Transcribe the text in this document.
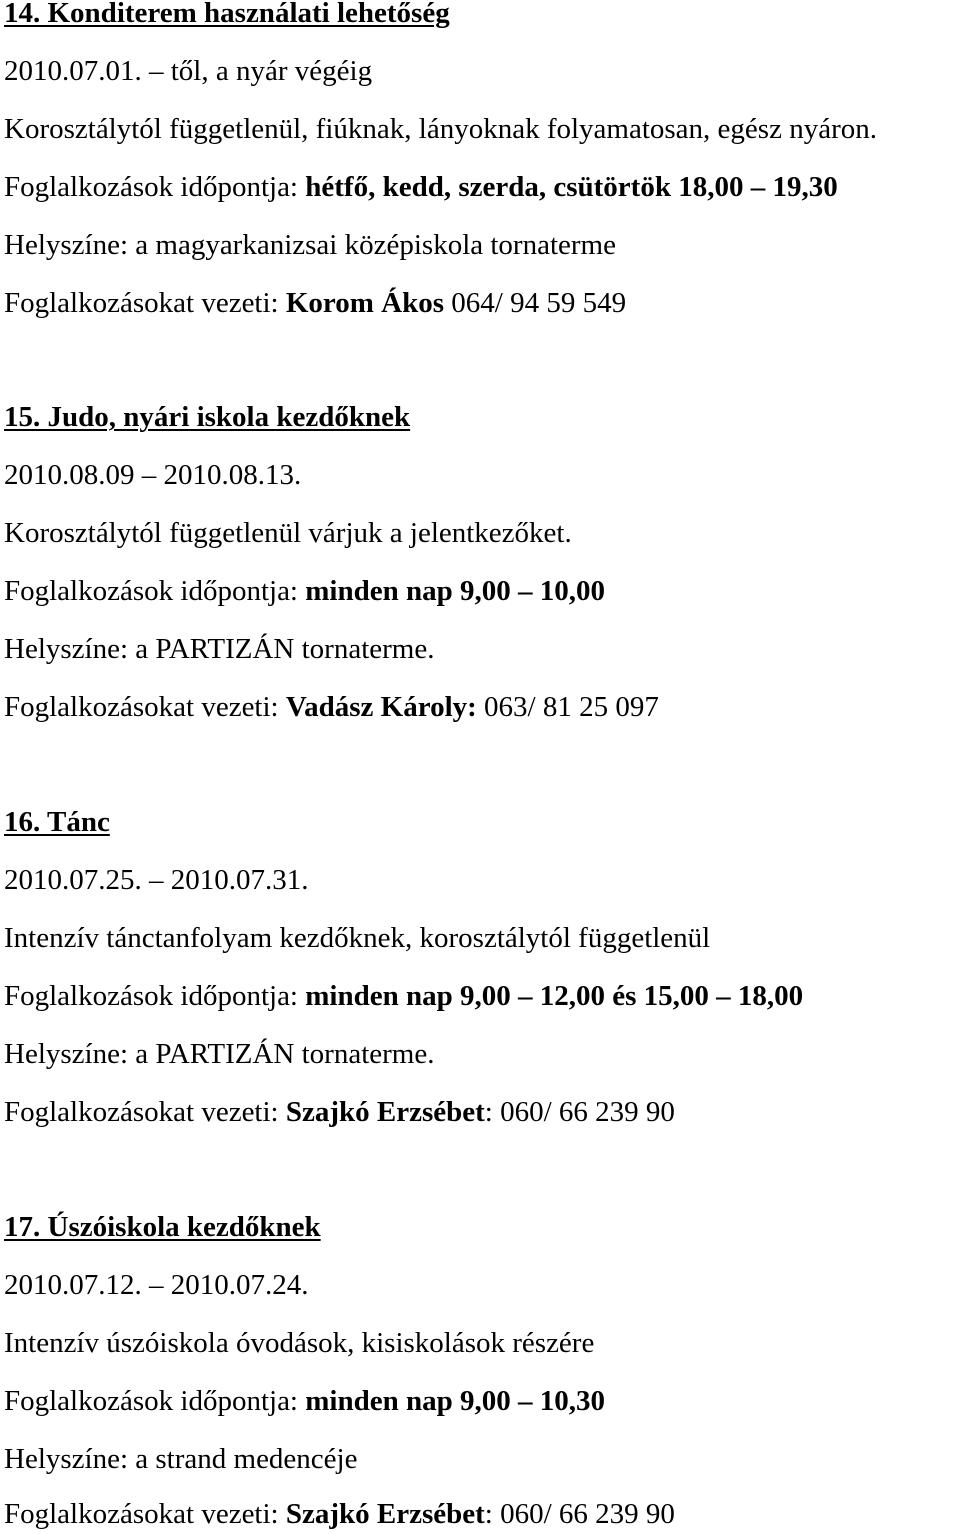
14. Konditerem használati lehetőség
2010.07.01. – től, a nyár végéig
Korosztálytól függetlenül, fiúknak, lányoknak folyamatosan, egész nyáron.
Foglalkozások időpontja: hétfő, kedd, szerda, csütörtök 18,00 – 19,30
Helyszíne: a magyarkanizsai középiskola tornaterme
Foglalkozásokat vezeti: Korom Ákos 064/ 94 59 549
15. Judo, nyári iskola kezdőknek
2010.08.09 – 2010.08.13.
Korosztálytól függetlenül várjuk a jelentkezőket.
Foglalkozások időpontja: minden nap 9,00 – 10,00
Helyszíne: a PARTIZÁN tornaterme.
Foglalkozásokat vezeti: Vadász Károly: 063/ 81 25 097
16. Tánc
2010.07.25. – 2010.07.31.
Intenzív tánctanfolyam kezdőknek, korosztálytól függetlenül
Foglalkozások időpontja: minden nap 9,00 – 12,00 és 15,00 – 18,00
Helyszíne: a PARTIZÁN tornaterme.
Foglalkozásokat vezeti: Szajkó Erzsébet: 060/ 66 239 90
17. Úszóiskola kezdőknek
2010.07.12. – 2010.07.24.
Intenzív úszóiskola óvodások, kisiskolások részére
Foglalkozások időpontja: minden nap 9,00 – 10,30
Helyszíne: a strand medencéje
Foglalkozásokat vezeti: Szajkó Erzsébet: 060/ 66 239 90
